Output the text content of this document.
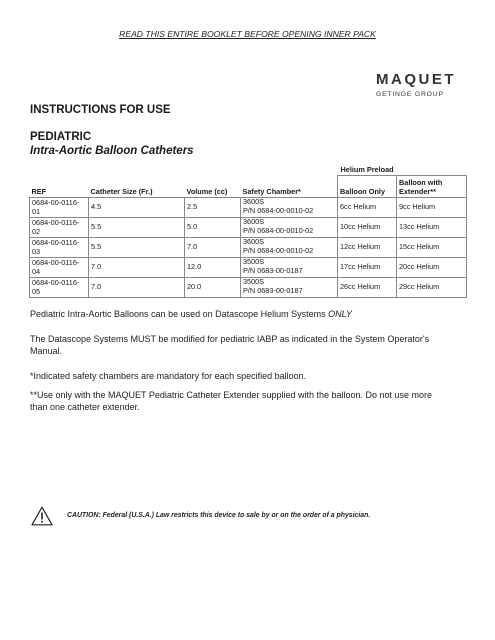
READ THIS ENTIRE BOOKLET BEFORE OPENING INNER PACK
MAQUET
GETINGE GROUP
INSTRUCTIONS FOR USE
PEDIATRIC
Intra-Aortic Balloon Catheters
				Helium Preload	
REF	Catheter Size (Fr.)	Volume (cc)	Safety Chamber*	Balloon Only	Balloon with
Extender**

0684-00-0116-01	4.5	2.5	3600S
P/N 0684-00-0010-02	6cc Helium	9cc Helium
0684-00-0116-02	5.5	5.0	3600S
P/N 0684-00-0010-02	10cc Helium	13cc Helium
0684-00-0116-03	5.5	7.0	3600S
P/N 0684-00-0010-02	12cc Helium	15cc Helium
0684-00-0116-04	7.0	12.0	3500S
P/N 0683-00-0187	17cc Helium	20cc Helium
0684-00-0116-05	7.0	20.0	3500S
P/N 0683-00-0187	26cc Helium	29cc Helium
Pediatric Intra-Aortic Balloons can be used on Datascope Helium Systems ONLY
The Datascope Systems MUST be modified for pediatric IABP as indicated in the System Operator's Manual.
*Indicated safety chambers are mandatory for each specified balloon.
**Use only with the MAQUET Pediatric Catheter Extender supplied with the balloon. Do not use more than one catheter extender.
CAUTION: Federal (U.S.A.) Law restricts this device to sale by or on the order of a physician.
